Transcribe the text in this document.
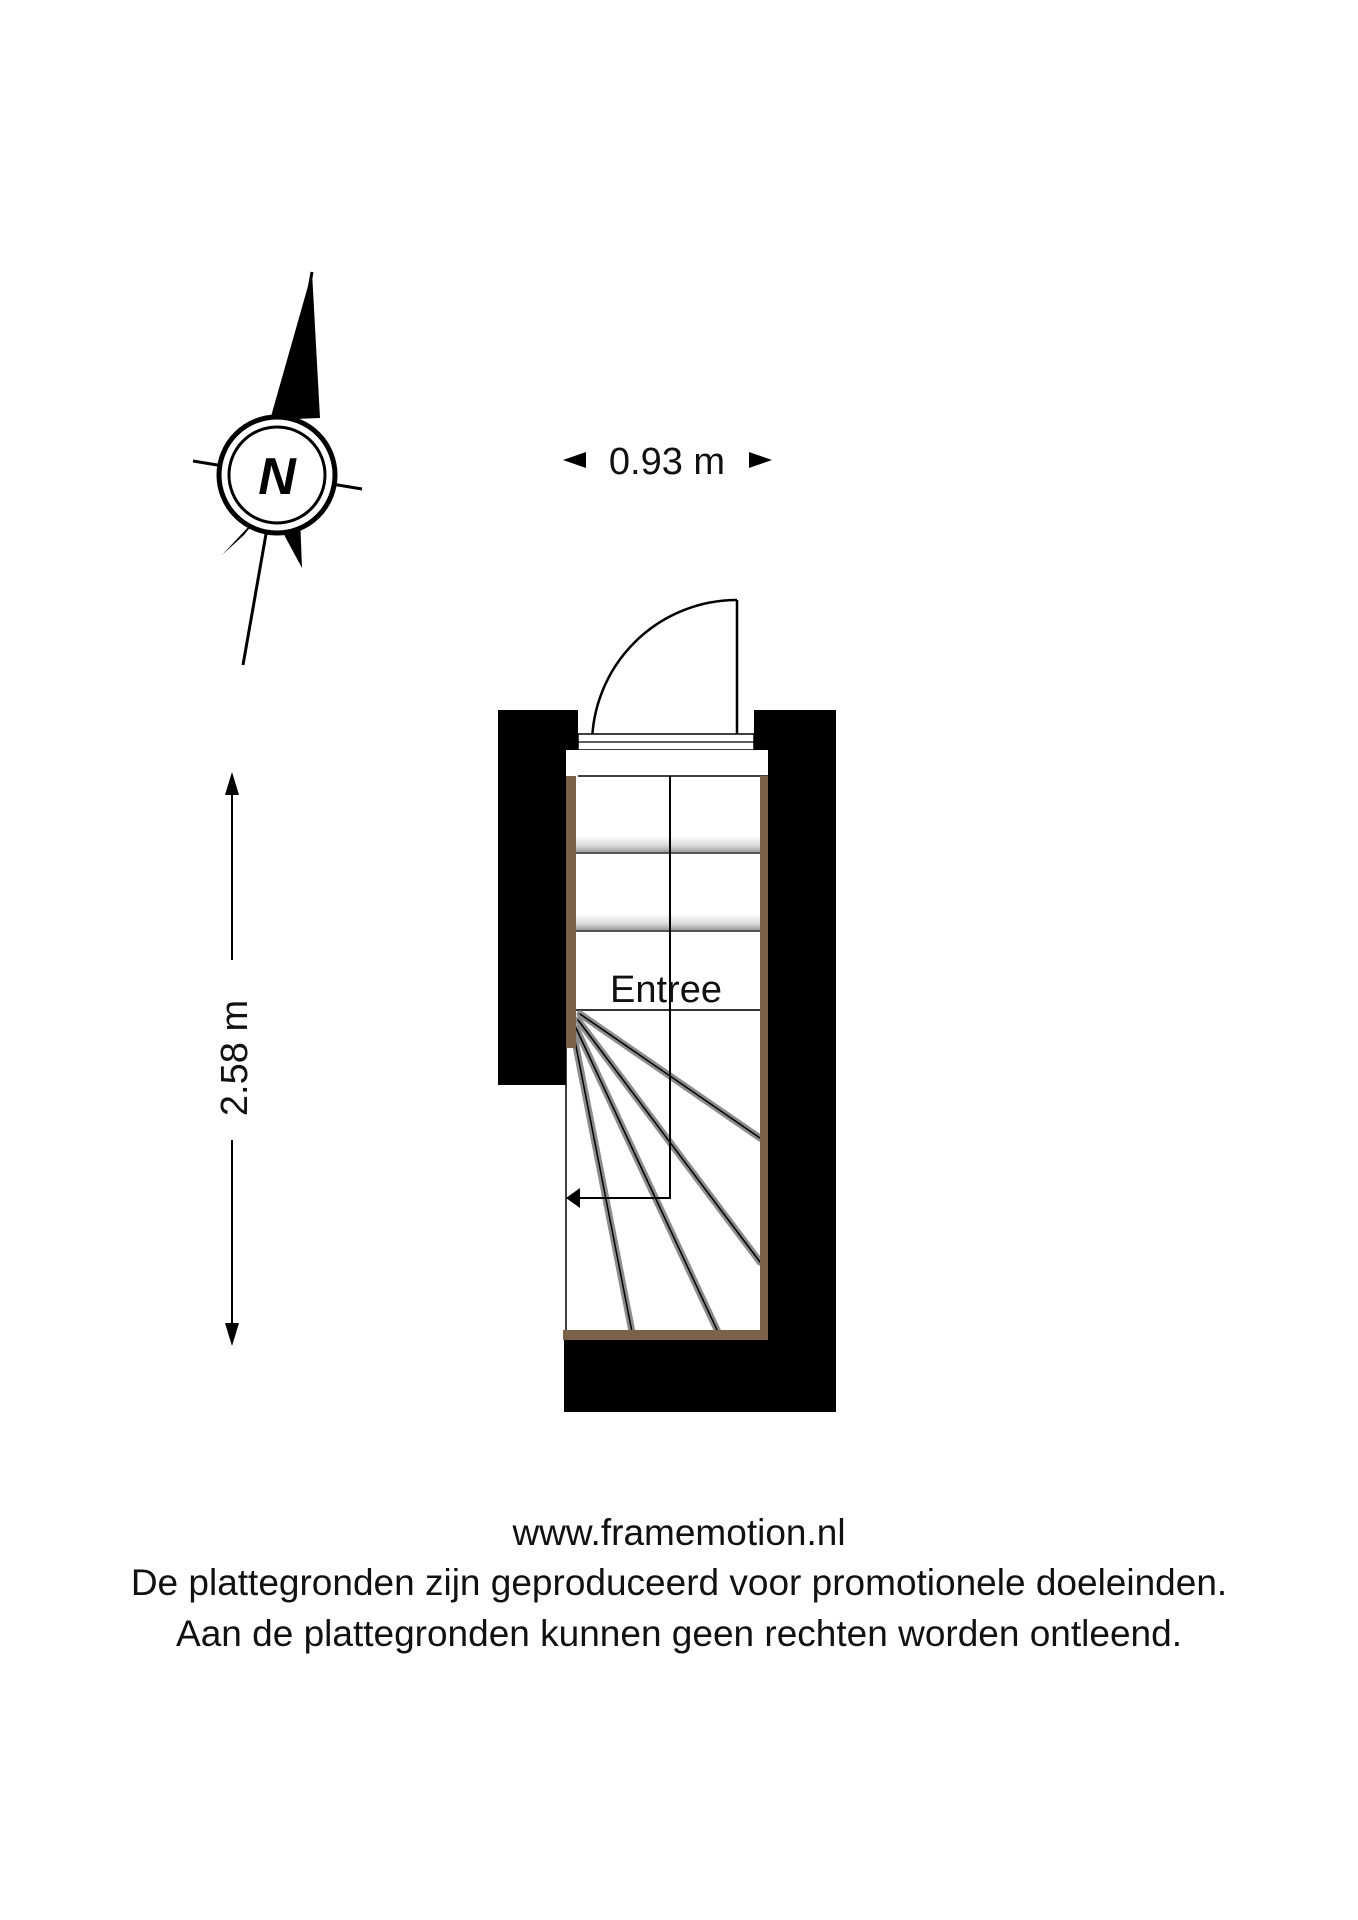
N	0.93 m
2.58 m
Entree
www.framemotion.nl
De plattegronden zijn geproduceerd voor promotionele doeleinden.
Aan de plattegronden kunnen geen rechten worden ontleend.
